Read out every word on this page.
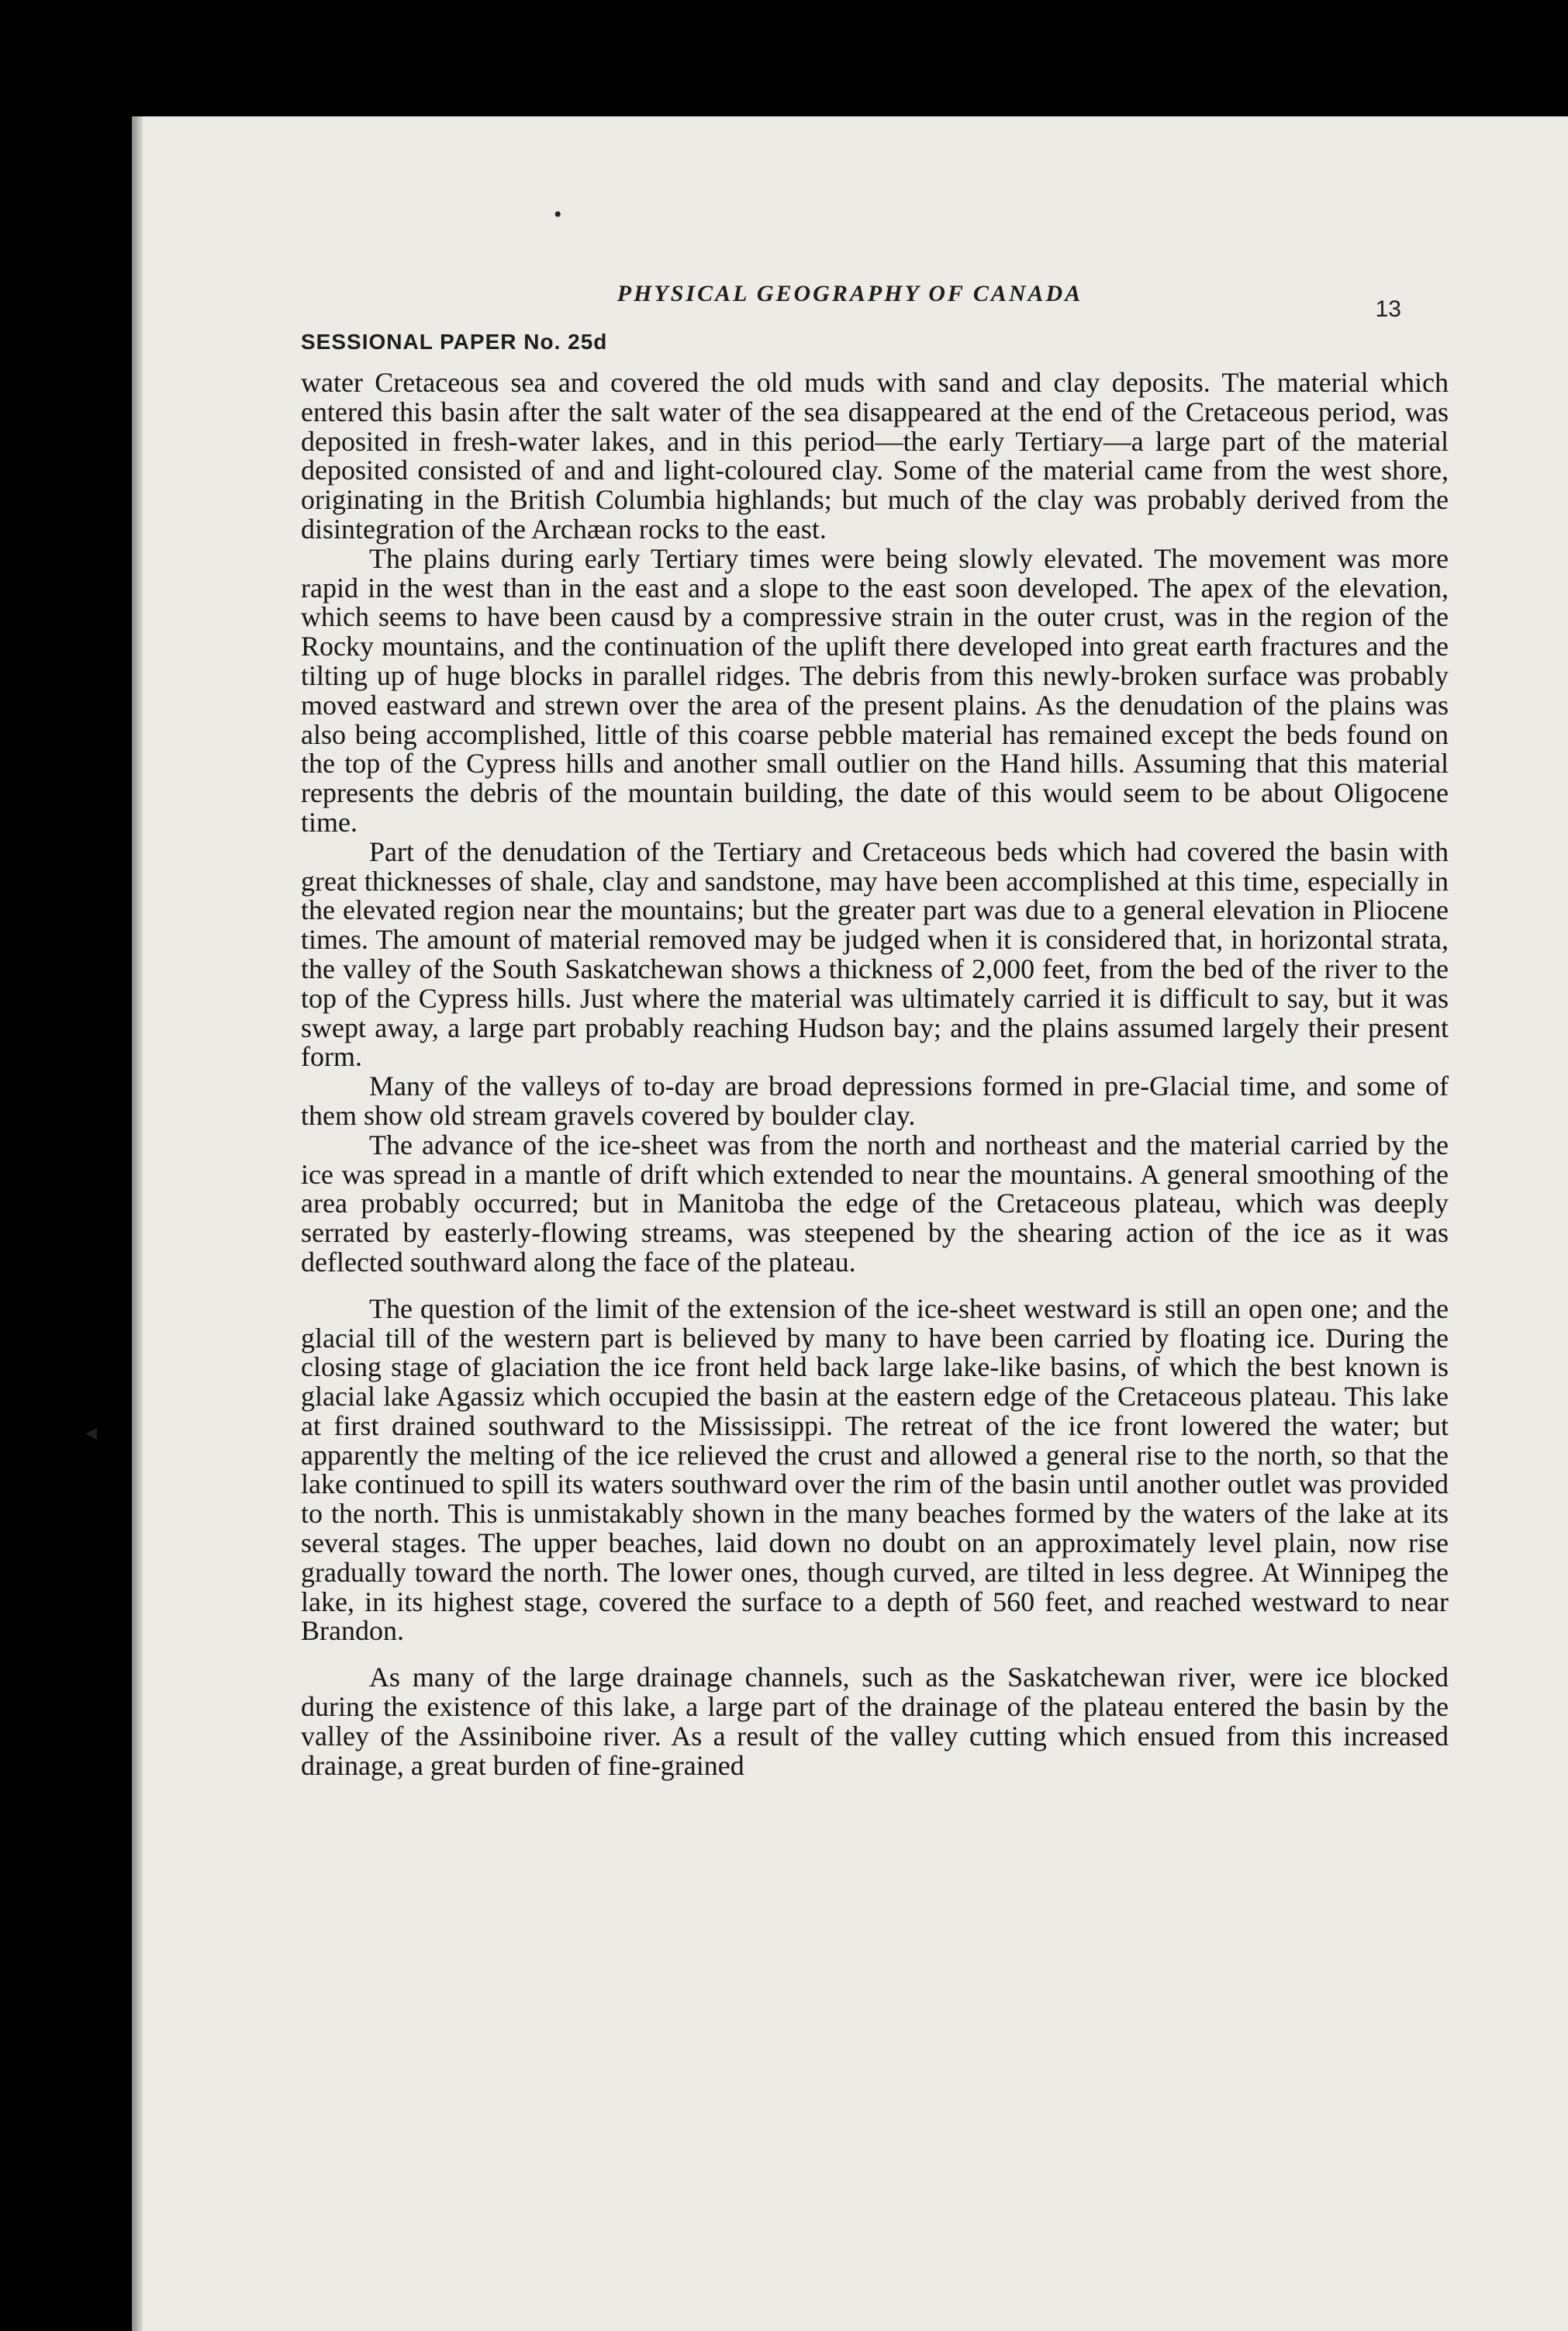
•
◂
PHYSICAL GEOGRAPHY OF CANADA
13
SESSIONAL PAPER No. 25d

water Cretaceous sea and covered the old muds with sand and clay deposits. The material which entered this basin after the salt water of the sea disappeared at the end of the Cretaceous period, was deposited in fresh-water lakes, and in this period—the early Tertiary—a large part of the material deposited consisted of and and light-coloured clay. Some of the material came from the west shore, originating in the British Columbia highlands; but much of the clay was probably derived from the disintegration of the Archæan rocks to the east.

The plains during early Tertiary times were being slowly elevated. The movement was more rapid in the west than in the east and a slope to the east soon developed. The apex of the elevation, which seems to have been causd by a compressive strain in the outer crust, was in the region of the Rocky mountains, and the continuation of the uplift there developed into great earth fractures and the tilting up of huge blocks in parallel ridges. The debris from this newly-broken surface was probably moved eastward and strewn over the area of the present plains. As the denudation of the plains was also being accomplished, little of this coarse pebble material has remained except the beds found on the top of the Cypress hills and another small outlier on the Hand hills. Assuming that this material represents the debris of the mountain building, the date of this would seem to be about Oligocene time.

Part of the denudation of the Tertiary and Cretaceous beds which had covered the basin with great thicknesses of shale, clay and sandstone, may have been accomplished at this time, especially in the elevated region near the mountains; but the greater part was due to a general elevation in Pliocene times. The amount of material removed may be judged when it is considered that, in horizontal strata, the valley of the South Saskatchewan shows a thickness of 2,000 feet, from the bed of the river to the top of the Cypress hills. Just where the material was ultimately carried it is difficult to say, but it was swept away, a large part probably reaching Hudson bay; and the plains assumed largely their present form.

Many of the valleys of to-day are broad depressions formed in pre-Glacial time, and some of them show old stream gravels covered by boulder clay.

The advance of the ice-sheet was from the north and northeast and the material carried by the ice was spread in a mantle of drift which extended to near the mountains. A general smoothing of the area probably occurred; but in Manitoba the edge of the Cretaceous plateau, which was deeply serrated by easterly-flowing streams, was steepened by the shearing action of the ice as it was deflected southward along the face of the plateau.

The question of the limit of the extension of the ice-sheet westward is still an open one; and the glacial till of the western part is believed by many to have been carried by floating ice. During the closing stage of glaciation the ice front held back large lake-like basins, of which the best known is glacial lake Agassiz which occupied the basin at the eastern edge of the Cretaceous plateau. This lake at first drained southward to the Mississippi. The retreat of the ice front lowered the water; but apparently the melting of the ice relieved the crust and allowed a general rise to the north, so that the lake continued to spill its waters southward over the rim of the basin until another outlet was provided to the north. This is unmistakably shown in the many beaches formed by the waters of the lake at its several stages. The upper beaches, laid down no doubt on an approximately level plain, now rise gradually toward the north. The lower ones, though curved, are tilted in less degree. At Winnipeg the lake, in its highest stage, covered the surface to a depth of 560 feet, and reached westward to near Brandon.

As many of the large drainage channels, such as the Saskatchewan river, were ice blocked during the existence of this lake, a large part of the drainage of the plateau entered the basin by the valley of the Assiniboine river. As a result of the valley cutting which ensued from this increased drainage, a great burden of fine-grained
